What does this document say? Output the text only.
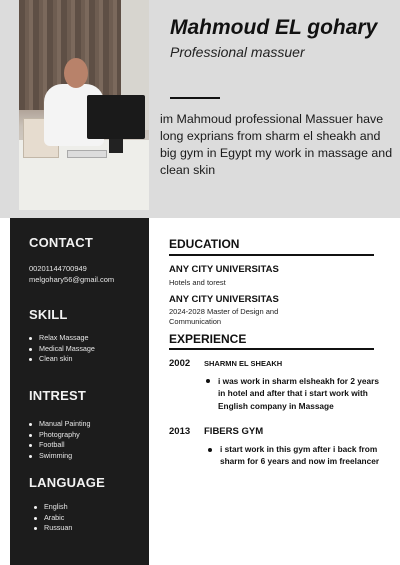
Mahmoud EL gohary
Professional massuer
im Mahmoud professional Massuer have long exprians from sharm el sheakh and big gym in Egypt my work in massage and clean skin
CONTACT
00201144700949
melgohary56@gmail.com
SKILL
Relax Massage
Medical Massage
Clean skin
INTREST
Manual Painting
Photography
Football
Swimming
LANGUAGE
English
Arabic
Russuan
EDUCATION
ANY CITY UNIVERSITAS
Hotels and torest
ANY CITY UNIVERSITAS
2024-2028 Master of Design and Communication
EXPERIENCE
2002 SHARMN EL SHEAKH
i was work in sharm elsheakh for 2 years in hotel and after that i start work with English company in Massage
2013 FIBERS GYM
i start work in this gym after i back from sharm for 6 years and now im freelancer
